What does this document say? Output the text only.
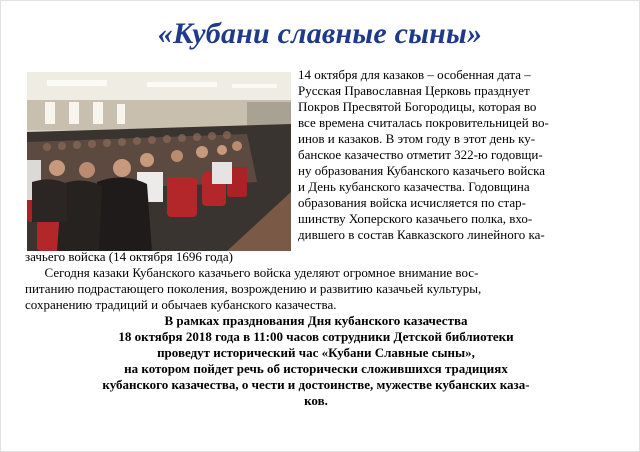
«Кубани славные сыны»
14 октября для казаков – особенная дата –
Русская Православная Церковь празднует
Покров Пресвятой Богородицы, которая во
все времена считалась покровительницей во-
инов и казаков. В этом году в этот день ку-
банское казачество отметит 322-ю годовщи-
ну образования Кубанского казачьего войска
и День кубанского казачества. Годовщина
образования войска исчисляется по стар-
шинству Хоперского казачьего полка, вхо-
дившего в состав Кавказского линейного ка-
зачьего войска (14 октября 1696 года)
Сегодня казаки Кубанского казачьего войска уделяют огромное внимание вос-
питанию подрастающего поколения, возрождению и развитию казачьей культуры,
сохранению традиций и обычаев кубанского казачества.
В рамках празднования Дня кубанского казачества
18 октября 2018 года в 11:00 часов сотрудники Детской библиотеки
проведут исторический час «Кубани Славные сыны»,
на котором пойдет речь об исторически сложившихся традициях
кубанского казачества, о чести и достоинстве, мужестве кубанских каза-
ков.
